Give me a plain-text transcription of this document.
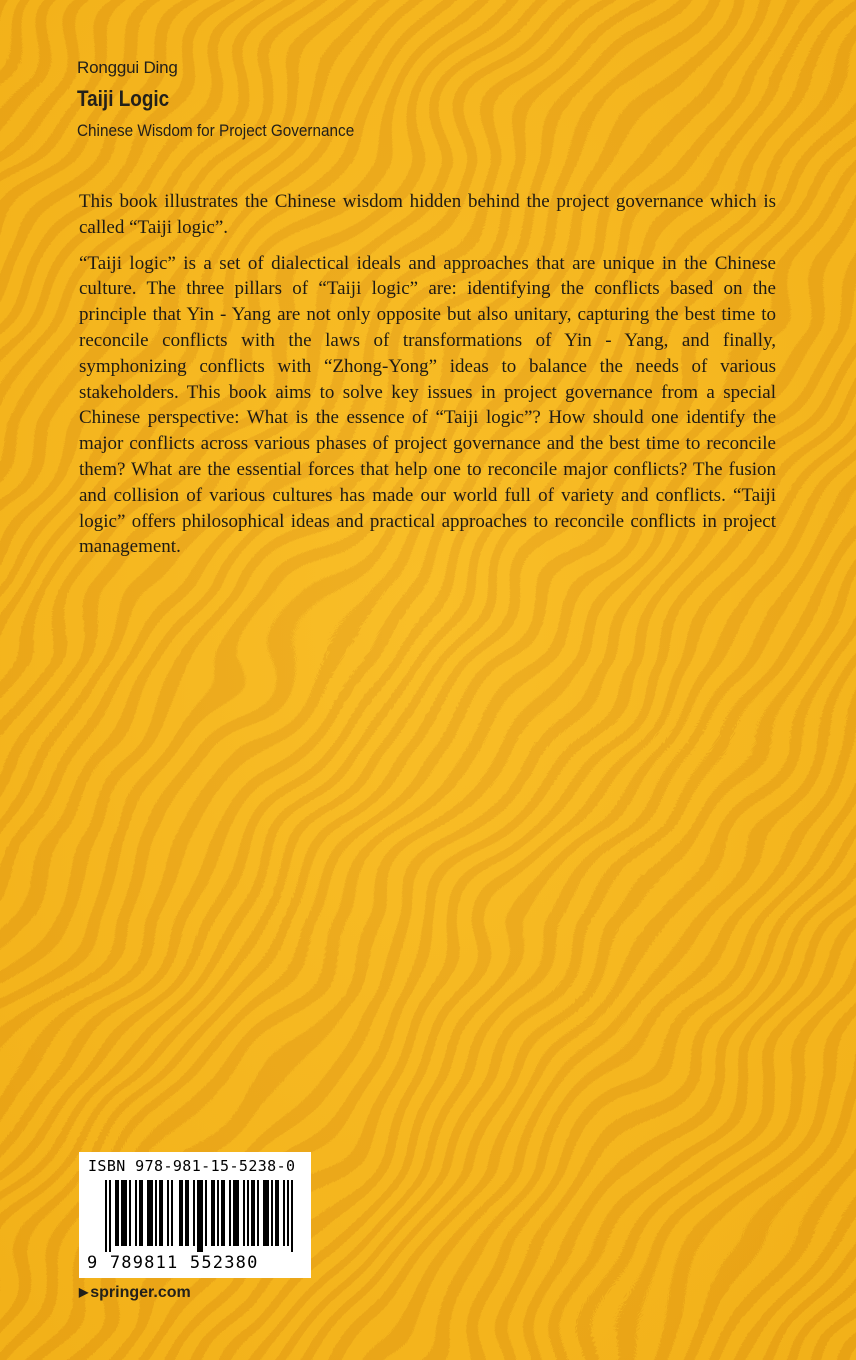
Ronggui Ding
Taiji Logic
Chinese Wisdom for Project Governance

This book illustrates the Chinese wisdom hidden behind the project governance which is called “Taiji logic”.

“Taiji logic” is a set of dialectical ideals and approaches that are unique in the Chinese culture. The three pillars of “Taiji logic” are: identifying the conflicts based on the principle that Yin - Yang are not only opposite but also unitary, capturing the best time to reconcile conflicts with the laws of transformations of Yin - Yang, and finally, symphonizing conflicts with “Zhong-Yong” ideas to balance the needs of various stakeholders. This book aims to solve key issues in project governance from a special Chinese perspective: What is the essence of “Taiji logic”? How should one identify the major conflicts across various phases of project governance and the best time to reconcile them? What are the essential forces that help one to reconcile major conflicts? The fusion and collision of various cultures has made our world full of variety and conflicts. “Taiji logic” offers philosophical ideas and practical approaches to reconcile conflicts in project management.

ISBN 978-981-15-5238-0
9 789811 552380
▶ springer.com
